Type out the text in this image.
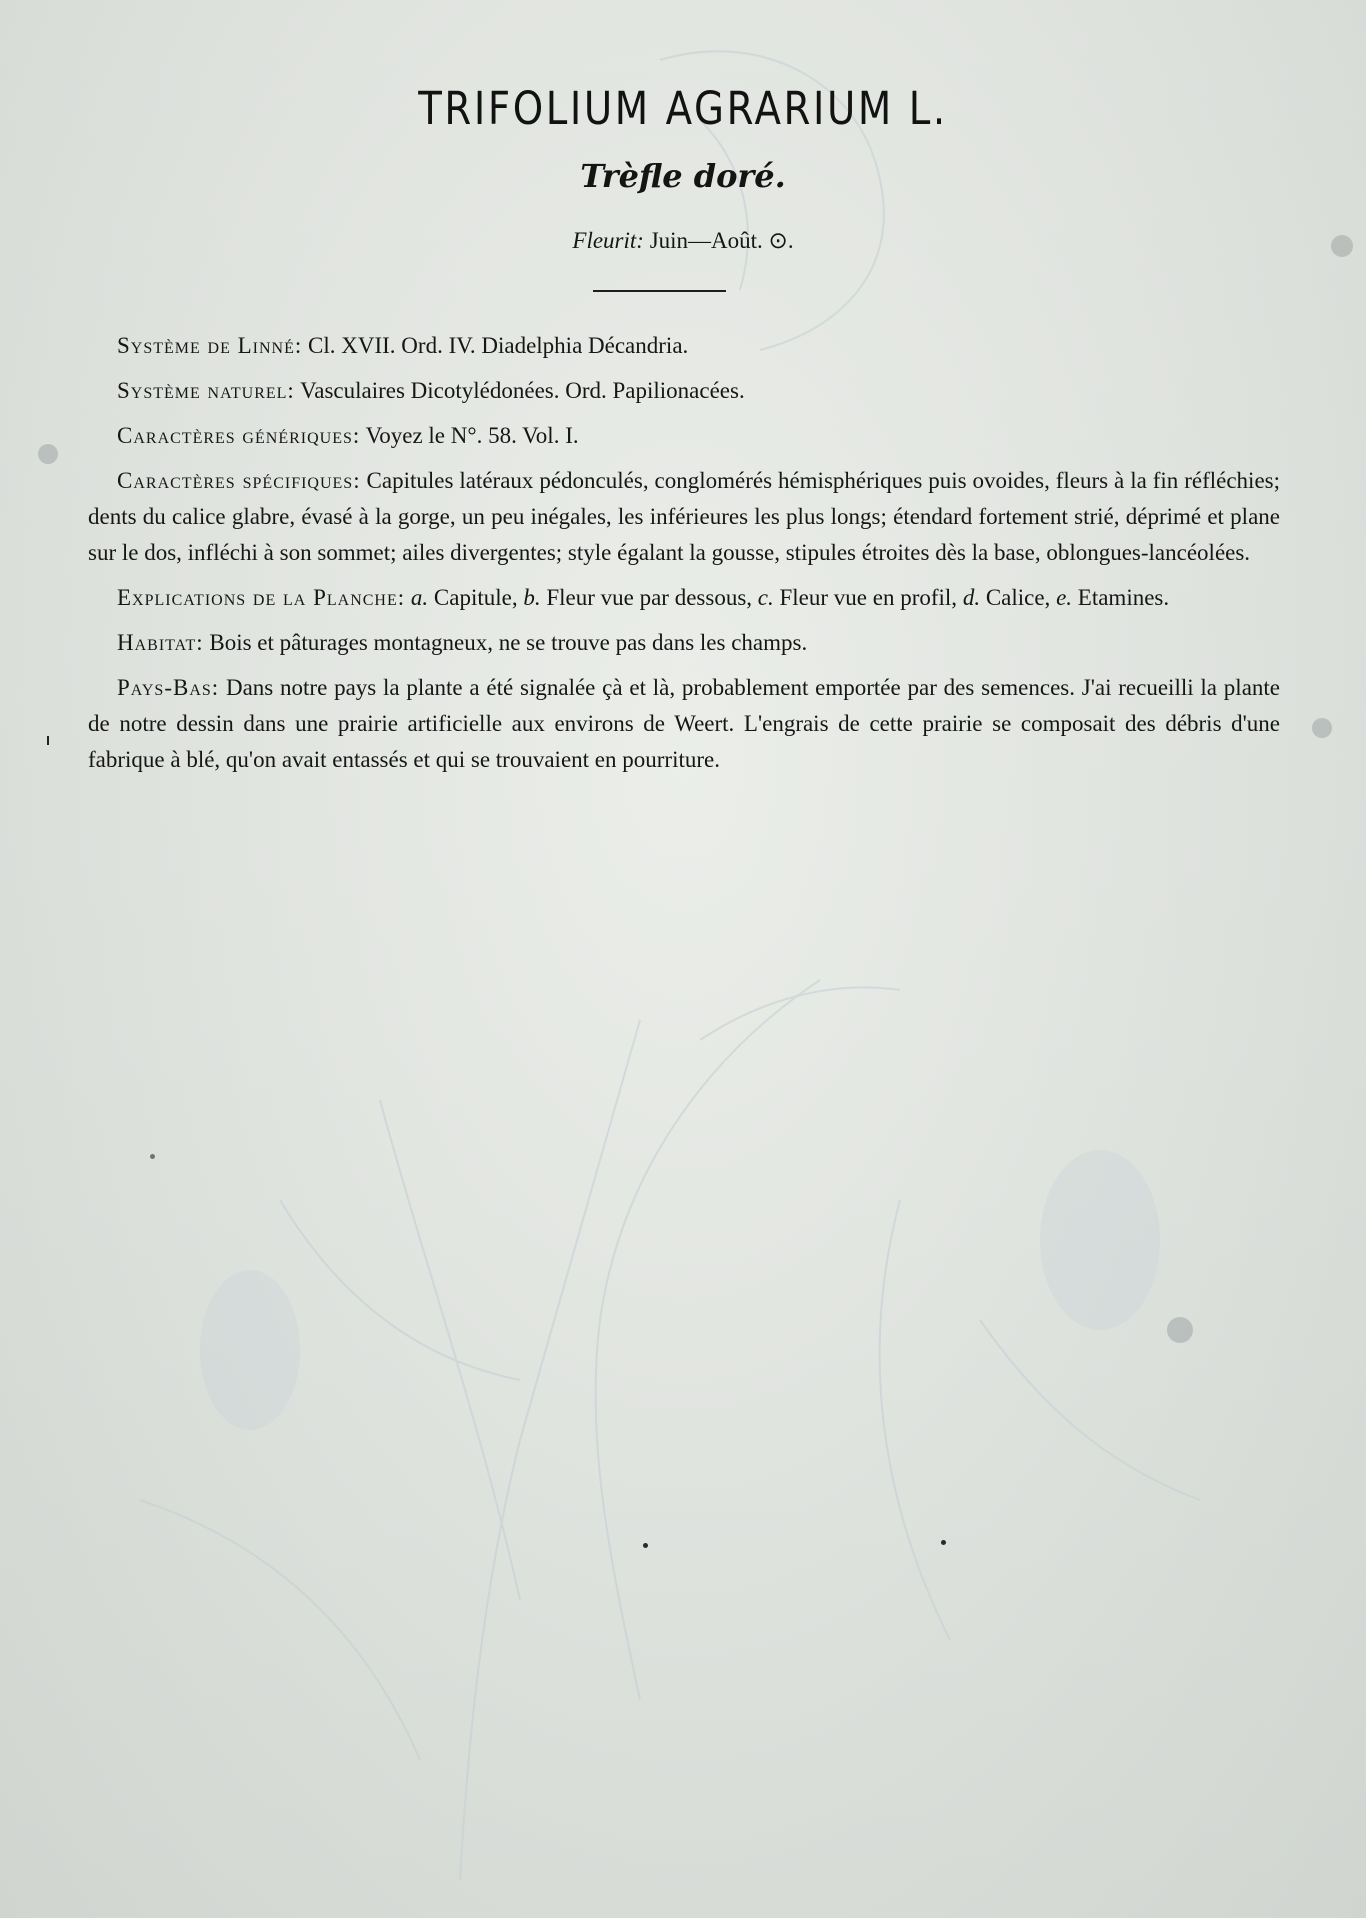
TRIFOLIUM AGRARIUM L.
Trèfle doré.
Fleurit: Juin—Août. ⊙.

Système de Linné: Cl. XVII. Ord. IV. Diadelphia Décandria.

Système naturel: Vasculaires Dicotylédonées. Ord. Papilionacées.

Caractères génériques: Voyez le N°. 58. Vol. I.

Caractères spécifiques: Capitules latéraux pédonculés, conglomérés hémisphériques puis ovoides, fleurs à la fin réfléchies; dents du calice glabre, évasé à la gorge, un peu inégales, les inférieures les plus longs; étendard fortement strié, déprimé et plane sur le dos, infléchi à son sommet; ailes divergentes; style égalant la gousse, stipules étroites dès la base, oblongues-lancéolées.

Explications de la Planche: a. Capitule, b. Fleur vue par dessous, c. Fleur vue en profil, d. Calice, e. Etamines.

Habitat: Bois et pâturages montagneux, ne se trouve pas dans les champs.

Pays-Bas: Dans notre pays la plante a été signalée çà et là, probablement emportée par des semences. J'ai recueilli la plante de notre dessin dans une prairie artificielle aux environs de Weert. L'engrais de cette prairie se composait des débris d'une fabrique à blé, qu'on avait entassés et qui se trouvaient en pourriture.
